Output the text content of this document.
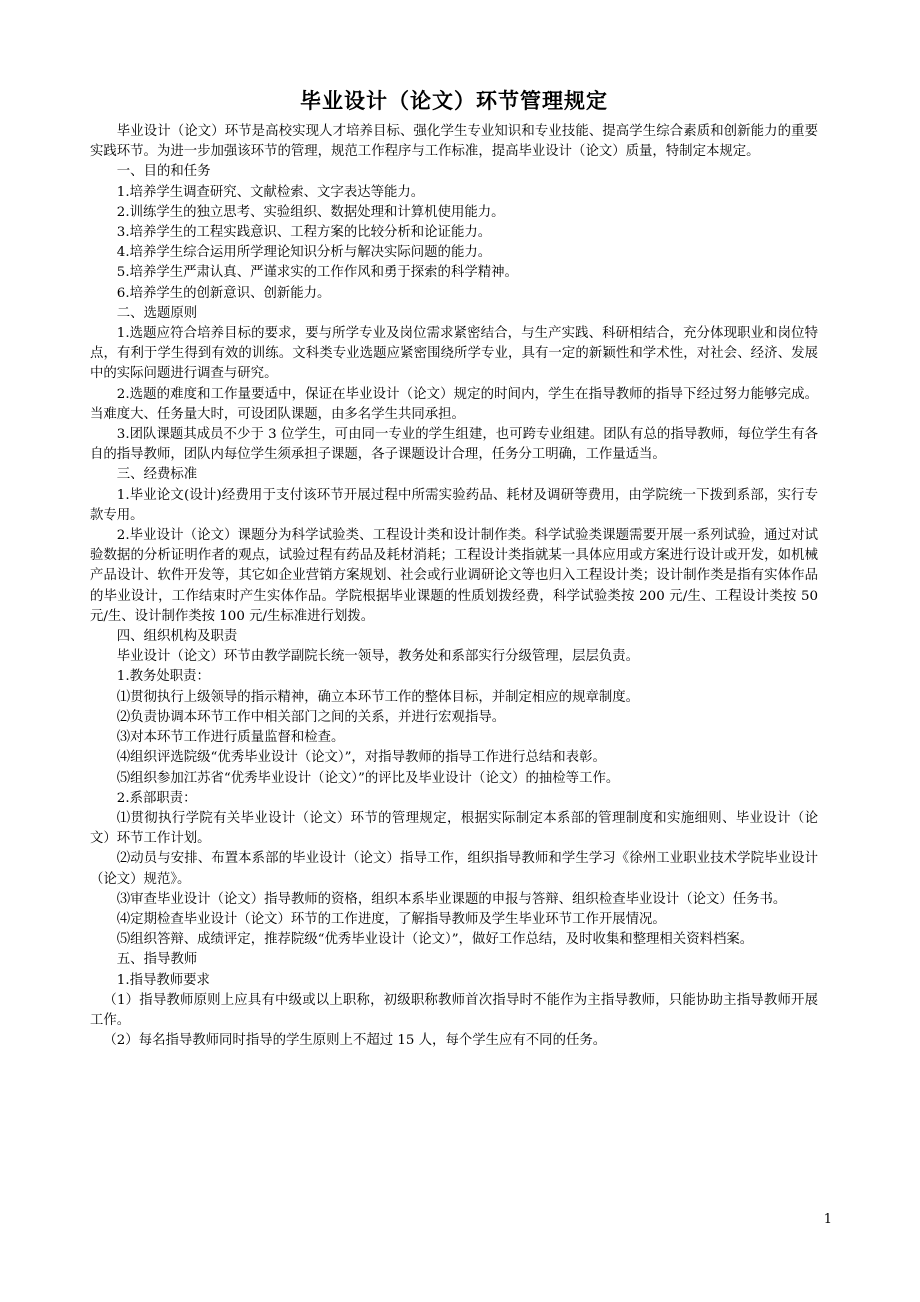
毕业设计（论文）环节管理规定

毕业设计（论文）环节是高校实现人才培养目标、强化学生专业知识和专业技能、提高学生综合素质和创新能力的重要实践环节。为进一步加强该环节的管理，规范工作程序与工作标准，提高毕业设计（论文）质量，特制定本规定。

一、目的和任务

1.培养学生调查研究、文献检索、文字表达等能力。

2.训练学生的独立思考、实验组织、数据处理和计算机使用能力。

3.培养学生的工程实践意识、工程方案的比较分析和论证能力。

4.培养学生综合运用所学理论知识分析与解决实际问题的能力。

5.培养学生严肃认真、严谨求实的工作作风和勇于探索的科学精神。

6.培养学生的创新意识、创新能力。

二、选题原则

1.选题应符合培养目标的要求，要与所学专业及岗位需求紧密结合，与生产实践、科研相结合，充分体现职业和岗位特点，有利于学生得到有效的训练。文科类专业选题应紧密围绕所学专业，具有一定的新颖性和学术性，对社会、经济、发展中的实际问题进行调查与研究。

2.选题的难度和工作量要适中，保证在毕业设计（论文）规定的时间内，学生在指导教师的指导下经过努力能够完成。当难度大、任务量大时，可设团队课题，由多名学生共同承担。

3.团队课题其成员不少于 3 位学生，可由同一专业的学生组建，也可跨专业组建。团队有总的指导教师，每位学生有各自的指导教师，团队内每位学生须承担子课题，各子课题设计合理，任务分工明确，工作量适当。

三、经费标准

1.毕业论文(设计)经费用于支付该环节开展过程中所需实验药品、耗材及调研等费用，由学院统一下拨到系部，实行专款专用。

2.毕业设计（论文）课题分为科学试验类、工程设计类和设计制作类。科学试验类课题需要开展一系列试验，通过对试验数据的分析证明作者的观点，试验过程有药品及耗材消耗；工程设计类指就某一具体应用或方案进行设计或开发，如机械产品设计、软件开发等，其它如企业营销方案规划、社会或行业调研论文等也归入工程设计类；设计制作类是指有实体作品的毕业设计，工作结束时产生实体作品。学院根据毕业课题的性质划拨经费，科学试验类按 200 元/生、工程设计类按 50 元/生、设计制作类按 100 元/生标准进行划拨。

四、组织机构及职责

毕业设计（论文）环节由教学副院长统一领导，教务处和系部实行分级管理，层层负责。

1.教务处职责：

⑴贯彻执行上级领导的指示精神，确立本环节工作的整体目标，并制定相应的规章制度。

⑵负责协调本环节工作中相关部门之间的关系，并进行宏观指导。

⑶对本环节工作进行质量监督和检查。

⑷组织评选院级“优秀毕业设计（论文）”，对指导教师的指导工作进行总结和表彰。

⑸组织参加江苏省“优秀毕业设计（论文）”的评比及毕业设计（论文）的抽检等工作。

2.系部职责：

⑴贯彻执行学院有关毕业设计（论文）环节的管理规定，根据实际制定本系部的管理制度和实施细则、毕业设计（论文）环节工作计划。

⑵动员与安排、布置本系部的毕业设计（论文）指导工作，组织指导教师和学生学习《徐州工业职业技术学院毕业设计（论文）规范》。

⑶审查毕业设计（论文）指导教师的资格，组织本系毕业课题的申报与答辩、组织检查毕业设计（论文）任务书。

⑷定期检查毕业设计（论文）环节的工作进度，了解指导教师及学生毕业环节工作开展情况。

⑸组织答辩、成绩评定，推荐院级“优秀毕业设计（论文）”，做好工作总结，及时收集和整理相关资料档案。

五、指导教师

1.指导教师要求

（1）指导教师原则上应具有中级或以上职称，初级职称教师首次指导时不能作为主指导教师，只能协助主指导教师开展工作。

（2）每名指导教师同时指导的学生原则上不超过 15 人，每个学生应有不同的任务。

1
